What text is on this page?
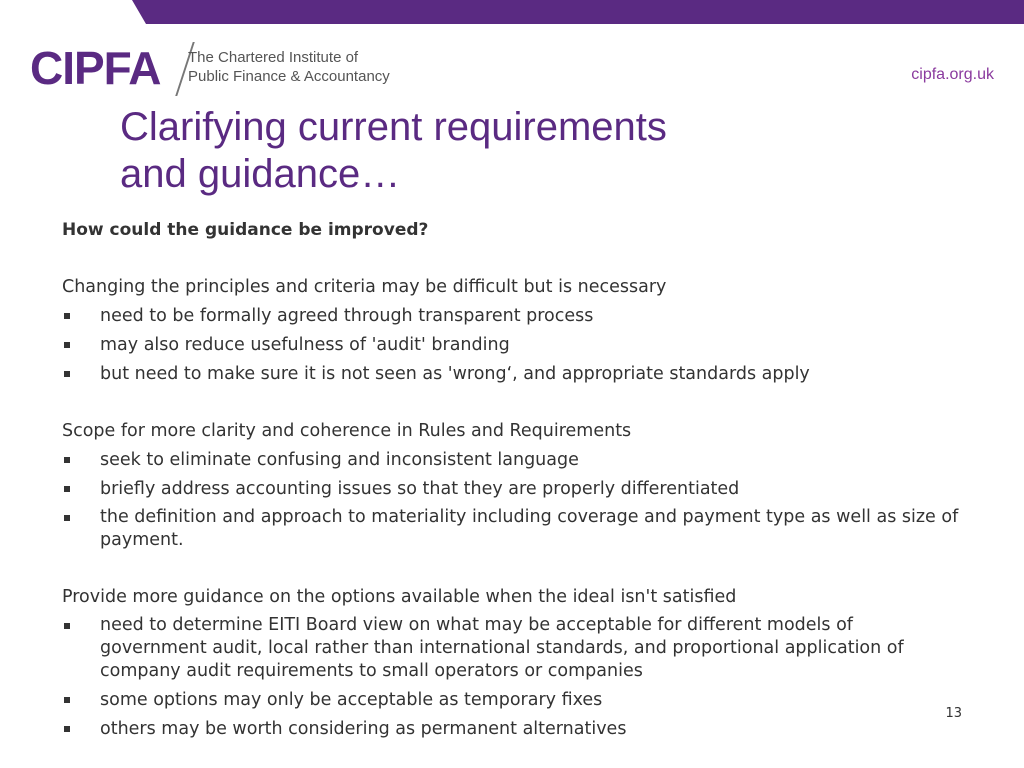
CIPFA The Chartered Institute of
Public Finance & Accountancy	cipfa.org.uk
Clarifying current requirements
and guidance…

How could the guidance be improved?

Changing the principles and criteria may be difficult but is necessary

need to be formally agreed through transparent process
may also reduce usefulness of 'audit' branding
but need to make sure it is not seen as 'wrong‘, and appropriate standards apply

Scope for more clarity and coherence in Rules and Requirements

seek to eliminate confusing and inconsistent language
briefly address accounting issues so that they are properly differentiated
the definition and approach to materiality including coverage and payment type as well as size of payment.

Provide more guidance on the options available when the ideal isn't satisfied

need to determine EITI Board view on what may be acceptable for different models of government audit, local rather than international standards, and proportional application of company audit requirements to small operators or companies
some options may only be acceptable as temporary fixes
others may be worth considering as permanent alternatives
13
